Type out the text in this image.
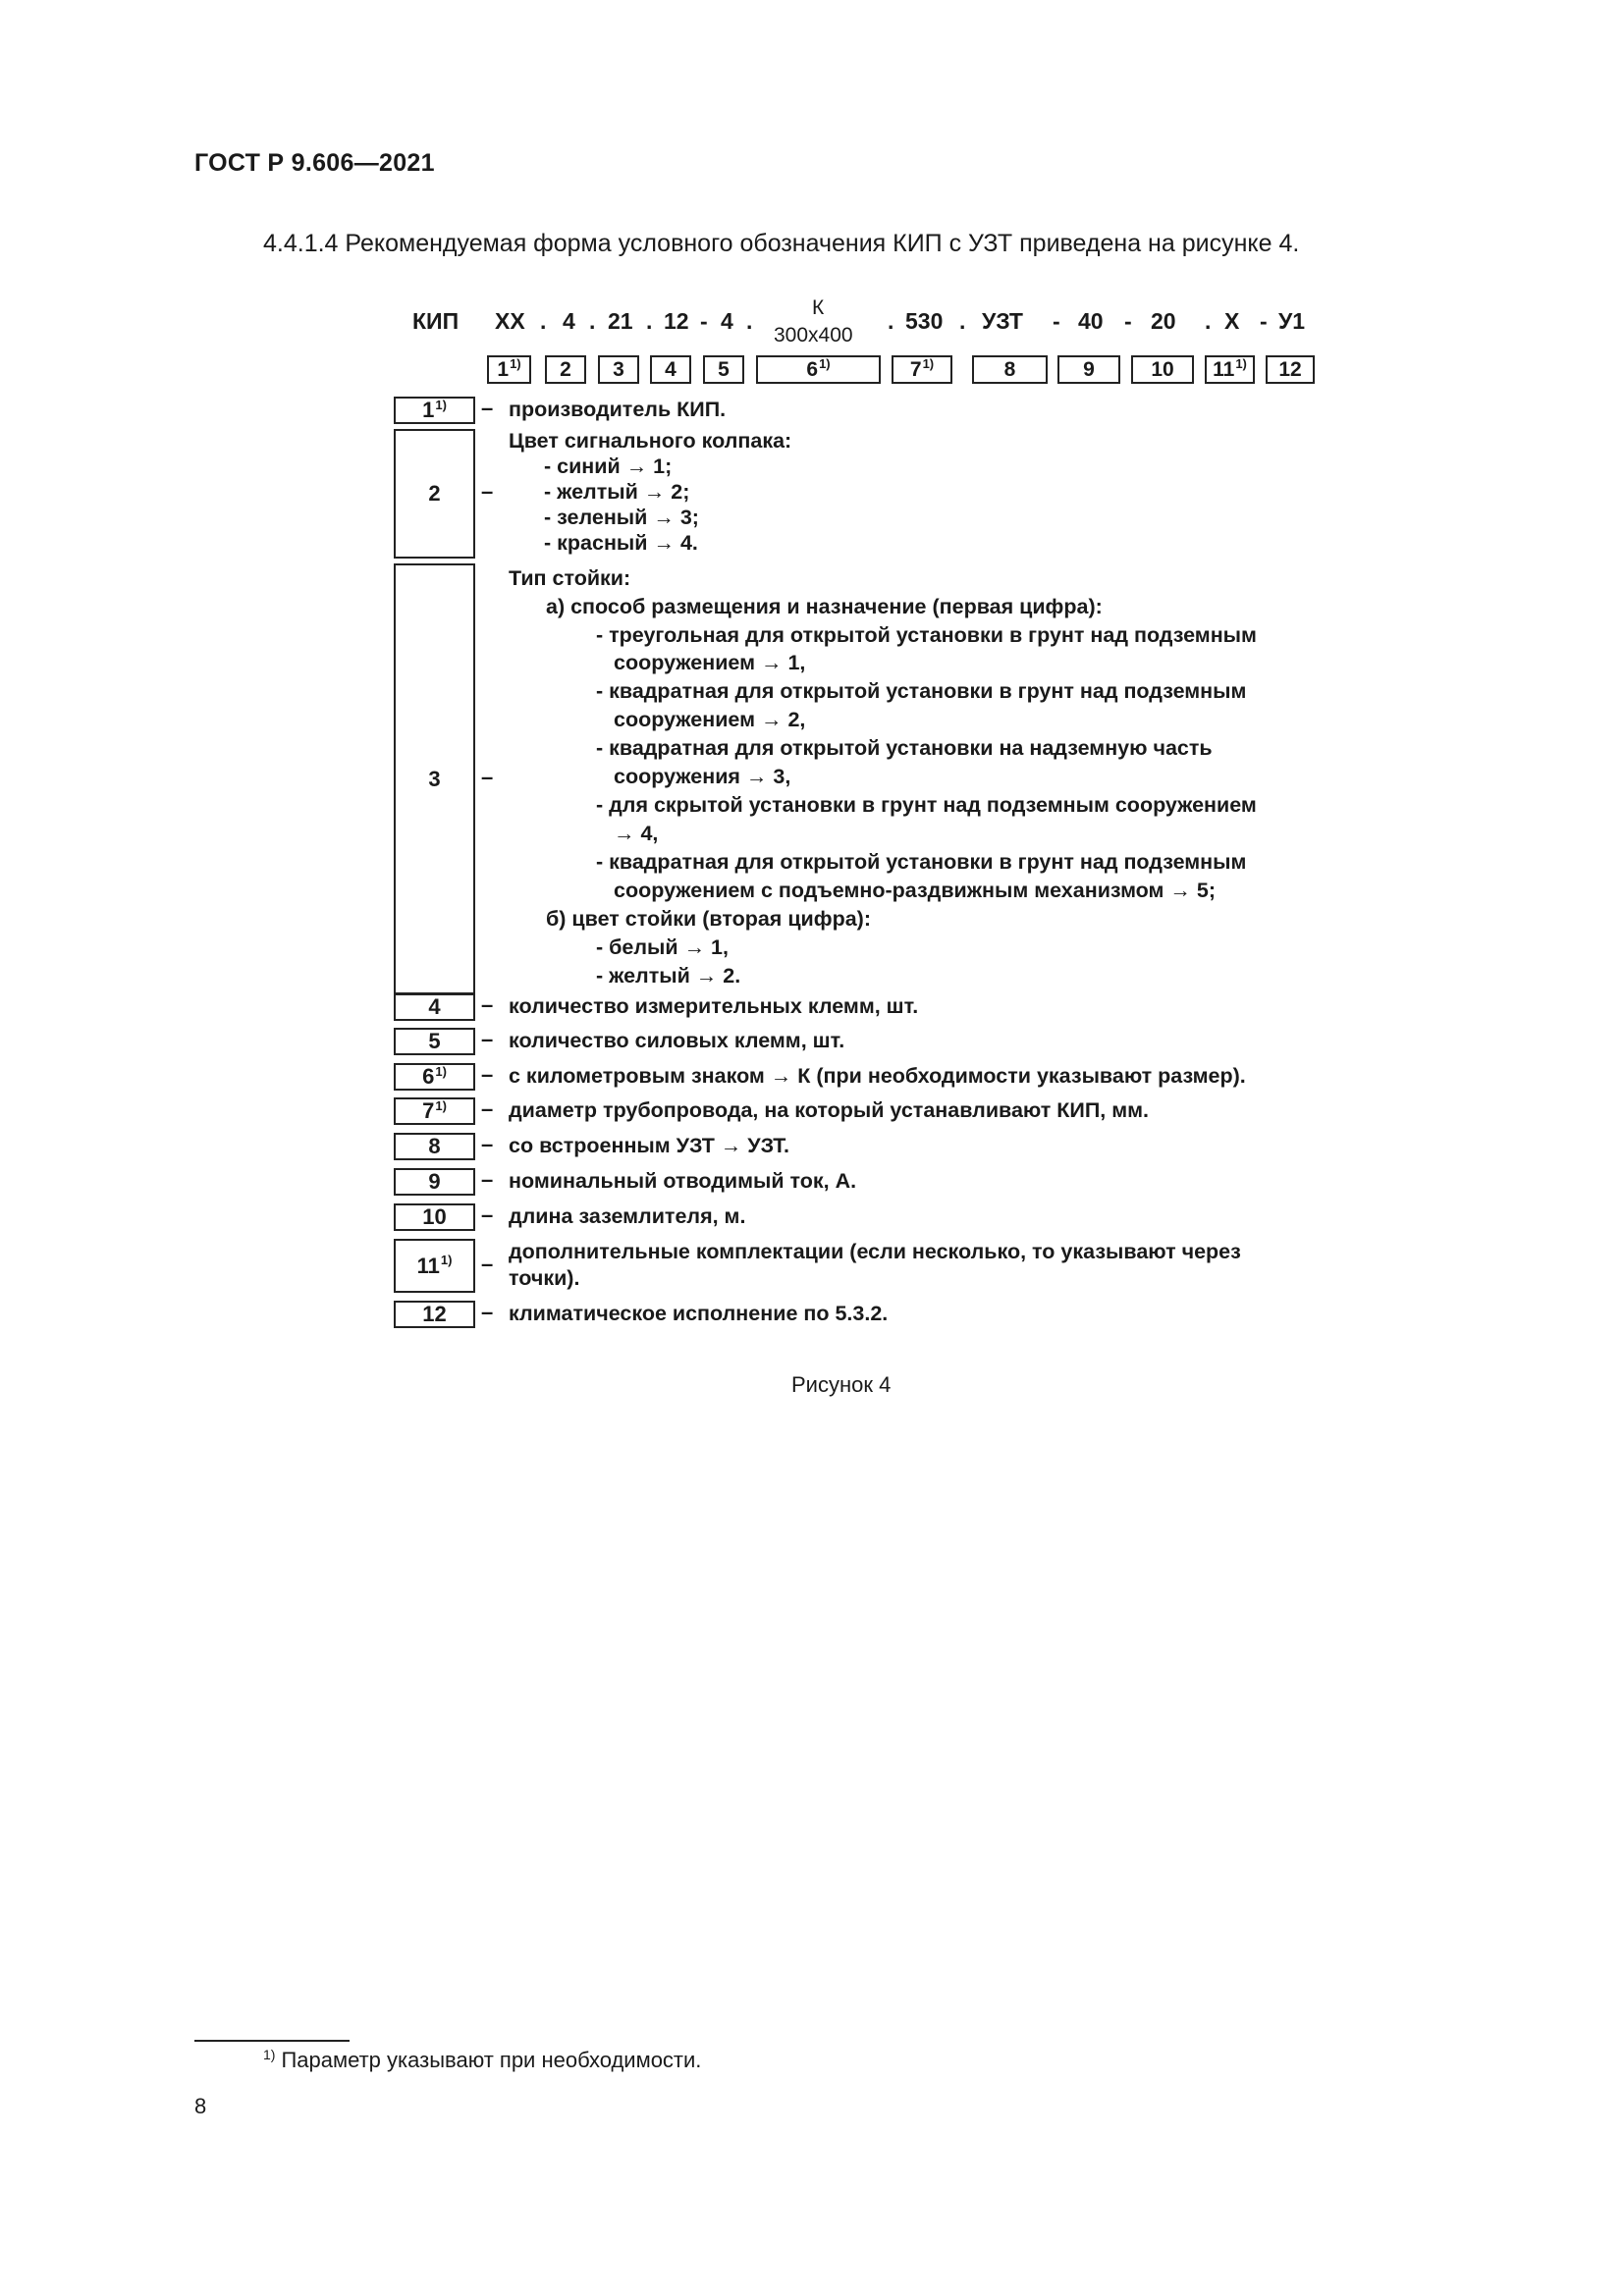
ГОСТ Р 9.606—2021
4.4.1.4 Рекомендуемая форма условного обозначения КИП с УЗТ приведена на рисунке 4.
КИП ХХ . 4 . 21 . 12 - 4 .
К
300х400
. 530 . УЗТ - 40 - 20 . Х - У1
1$^{1)}$ 2 3 4 5	6$^{1)}$	7$^{1)}$	8	9	10 11$^{1)}$ 12
1$^{1)}$ – производитель КИП.
2 –
Цвет сигнального колпака:
- синий → 1;
- желтый → 2;
- зеленый → 3;
- красный → 4.
3 –
Тип стойки:
а) способ размещения и назначение (первая цифра):
- треугольная для открытой установки в грунт над подземным
сооружением → 1,
- квадратная для открытой установки в грунт над подземным
сооружением → 2,
- квадратная для открытой установки на надземную часть
сооружения → 3,
- для скрытой установки в грунт над подземным сооружением
→ 4,
- квадратная для открытой установки в грунт над подземным
сооружением с подъемно-раздвижным механизмом → 5;
б) цвет стойки (вторая цифра):
- белый → 1,
- желтый → 2.
4 – количество измерительных клемм, шт.
5 – количество силовых клемм, шт.
6$^{1)}$ – с километровым знаком → К (при необходимости указывают размер).
7$^{1)}$ – диаметр трубопровода, на который устанавливают КИП, мм.
8 – со встроенным УЗТ → УЗТ.
9 – номинальный отводимый ток, А.
10 – длина заземлителя, м.
11$^{1)}$ – дополнительные комплектации (если несколько, то указывают через
точки).
12 – климатическое исполнение по 5.3.2.
Рисунок 4
$^{1)}$ Параметр указывают при необходимости.
8
